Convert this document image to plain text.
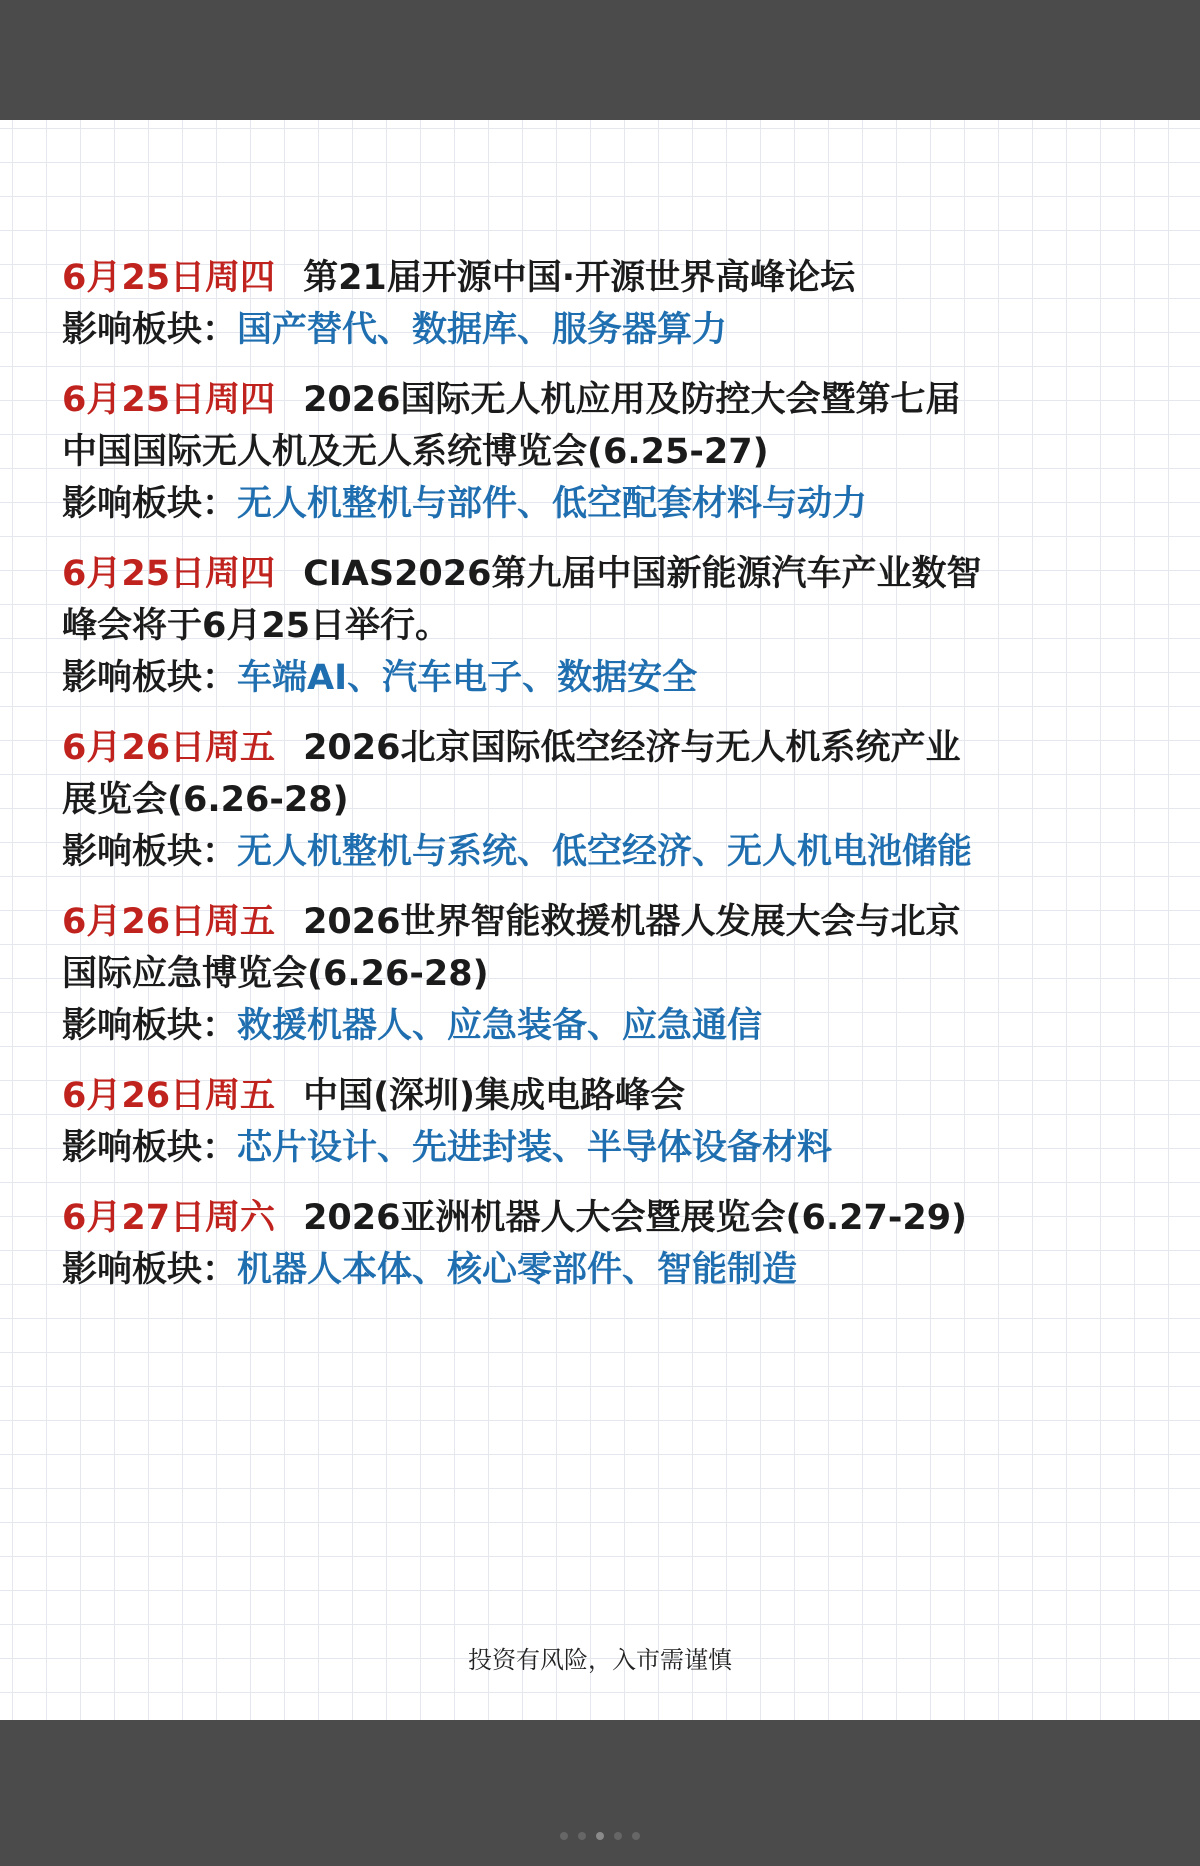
6月25日周四 第21届开源中国·开源世界高峰论坛
影响板块：国产替代、数据库、服务器算力
6月25日周四 2026国际无人机应用及防控大会暨第七届
中国国际无人机及无人系统博览会(6.25-27)
影响板块：无人机整机与部件、低空配套材料与动力
6月25日周四 CIAS2026第九届中国新能源汽车产业数智
峰会将于6月25日举行。
影响板块：车端AI、汽车电子、数据安全
6月26日周五 2026北京国际低空经济与无人机系统产业
展览会(6.26-28)
影响板块：无人机整机与系统、低空经济、无人机电池储能
6月26日周五 2026世界智能救援机器人发展大会与北京
国际应急博览会(6.26-28)
影响板块：救援机器人、应急装备、应急通信
6月26日周五 中国(深圳)集成电路峰会
影响板块：芯片设计、先进封装、半导体设备材料
6月27日周六 2026亚洲机器人大会暨展览会(6.27-29)
影响板块：机器人本体、核心零部件、智能制造
投资有风险，入市需谨慎
